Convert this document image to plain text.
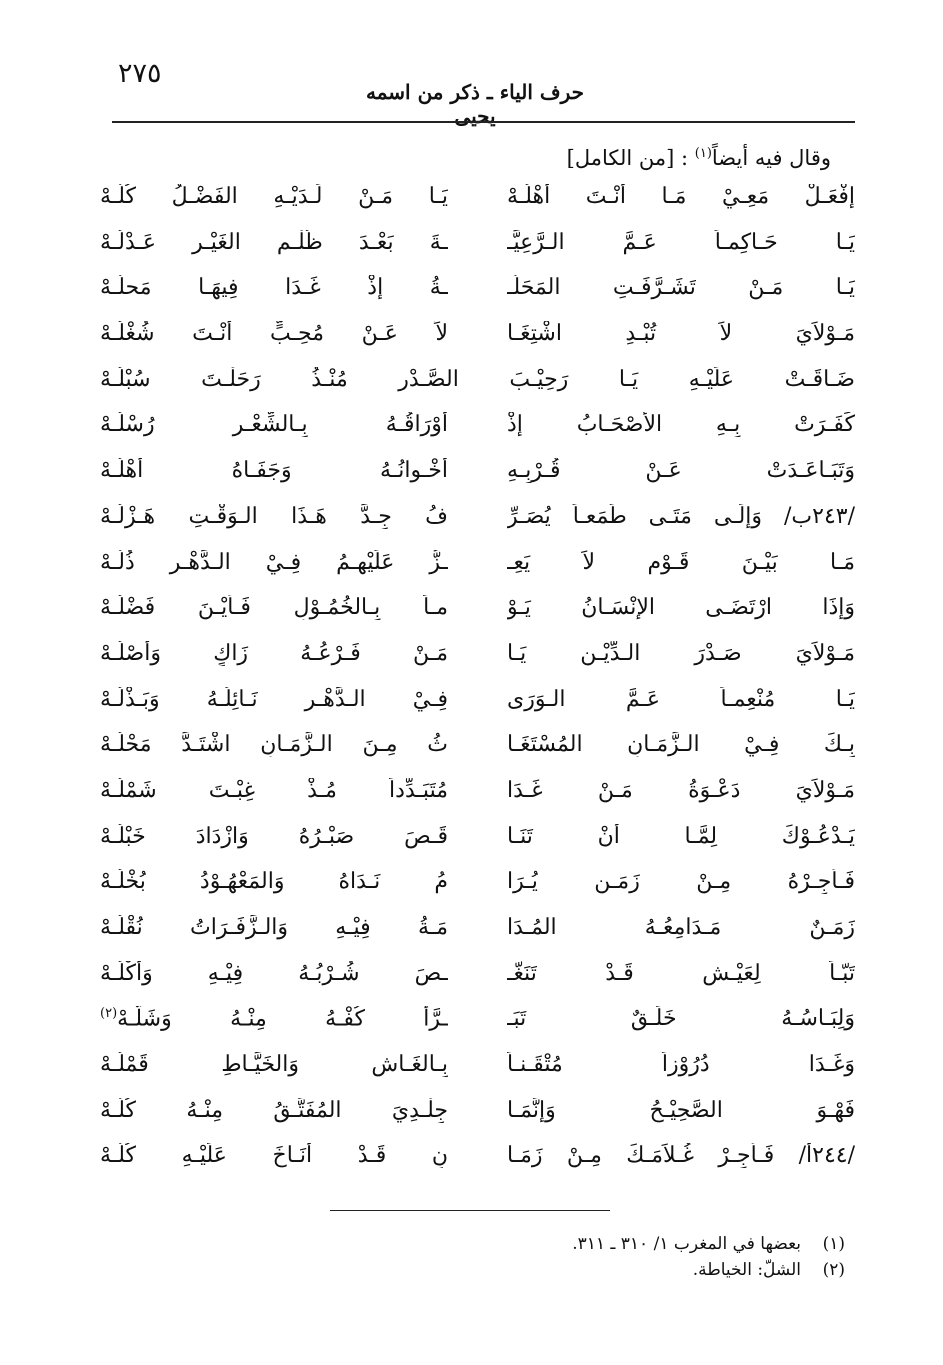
٢٧٥
حرف الياء ـ ذكر من اسمه يحيى
وقال فيه أيضاً$^{(١)}$ : [من الكامل]
إفْعَـلْ مَعِـيْ مَـا أَنْـتَ أَهْلُـهْ
يَـا مَـنْ لَـدَيْـهِ الفَضْـلُ كُلُّـهْ
يَـا حَـاكِمـاً عَـمَّ الـرَّعِيَّـ
ـةَ بَعْـدَ ظُلْـمِ الغَيْـرِ عَـدْلُـهْ
يَـا مَـنْ تَشَـرَّفَـتِ المَحَلَّـ
ـةُ إِذْ غَـدَا فِيهَـا مَحلُّـهْ
مَـوْلاَيَ لاَ تُبْـدِ اشْتِغَـا
لاً عَـنْ مُحِـبٍّ أَنْـتَ شُغْلُـهْ
ضَـاقَـتْ عَلَيْـهِ يَـا رَحِيْـبَ الصَّـدْرِ مُنْـذُ رَحَلْـتَ سُبْلُـهْ
كَفَـرَتْ بِـهِ الأَصْحَـابُ إِذْ
أَوْرَاقُـهُ بِـالشِّعْـرِ رُسْلُـهْ
وَتَبَـاعَـدَتْ عَـنْ قُـرْبِـهِ
أُخْـوانُـهُ وَجَفَـاهُ أَهْلُـهْ
/٢٤٣ب/ وَإِلَـى مَتَـى طَمَعـاً يُصَـرِّ
فُ جِـدَّ هَـذَا الـوَقْـتِ هَـزْلُـهْ
مَـا بَيْـنَ قَـوْمٍ لاَ يَعِـ
ـزُّ عَلَيْهِـمُ فِـيْ الـدَّهْـرِ ذُلُّـهْ
وَإِذَا ارْتَضَـى الإِنْسَـانُ يَـوْ
مـاً بِـالخُمُـوْلِ فَـأَيْـنَ فَضْلُـهْ
مَـوْلاَيَ صَـدْرَ الـدِّيْـنِ يَـا
مَـنْ فَـرْعُـهُ زَاكٍ وَأَصْلُـهْ
يَـا مُنْعِمـاً عَـمَّ الـوَرَى
فِـيْ الـدَّهْـرِ نَـائِلُـهُ وَبَـذْلُـهْ
بِـكَ فِـيْ الـزَّمَـانِ المُسْتَغَـا
ثُ مِـنَ الـزَّمَـانِ اشْتَـدَّ مَحْلُـهْ
مَـوْلاَيَ دَعْـوَةُ مَـنْ غَـدَا
مُتَبَـدِّداً مُـذْ غِبْـتَ شَمْلُـهْ
يَـدْعُـوْكَ لِمَّـا أَنْ تَنَـا
قَـصَ صَبْـرُهُ وَازْدَادَ خَبْلُـهْ
فَـأَجِـرْهُ مِـنْ زَمَـنٍ يُـرَا
مُ نَـدَاهُ وَالمَعْهُـوْدُ بُخْلُـهْ
زَمَـنٌ مَـدَامِعُـهُ المُـدَا
مَـةُ فِيْـهِ وَالـزَّفَـرَاتُ نُقْلُـهْ
تَبّـاً لِعَيْـشٍ قَـدْ تَنَغَّـ
ـصَ شُـرْبُـهُ فِيْـهِ وَأَكْلُـهْ
وَلِبَـاسُـهُ خَلَـقٌ تَبَـ
ـرَّأَ كُفْـهُ مِنْـهُ وَشَلُّـهْ$^{(٢)}$
وَغَـدَا دُرُوْزاً مُتْقَـنـاً
بِـالغَـاشِ وَالخَيَّـاطِ قَمْلُـهْ
فَهْـوَ الصَّحِيْـحُ وَإِنَّمَـا
جِلْـدِيَ المُفَتَّـقُ مِنْـهُ كُلُّـهْ
/٢٤٤أ/ فَـأَجِـرْ غُـلاَمَـكَ مِـنْ زَمَـا
نٍ قَـدْ أَنَـاخَ عَلَيْـهِ كُلُّـهْ
(١)بعضها في المغرب ١/ ٣١٠ ـ ٣١١.
(٢)الشلّ: الخياطة.
